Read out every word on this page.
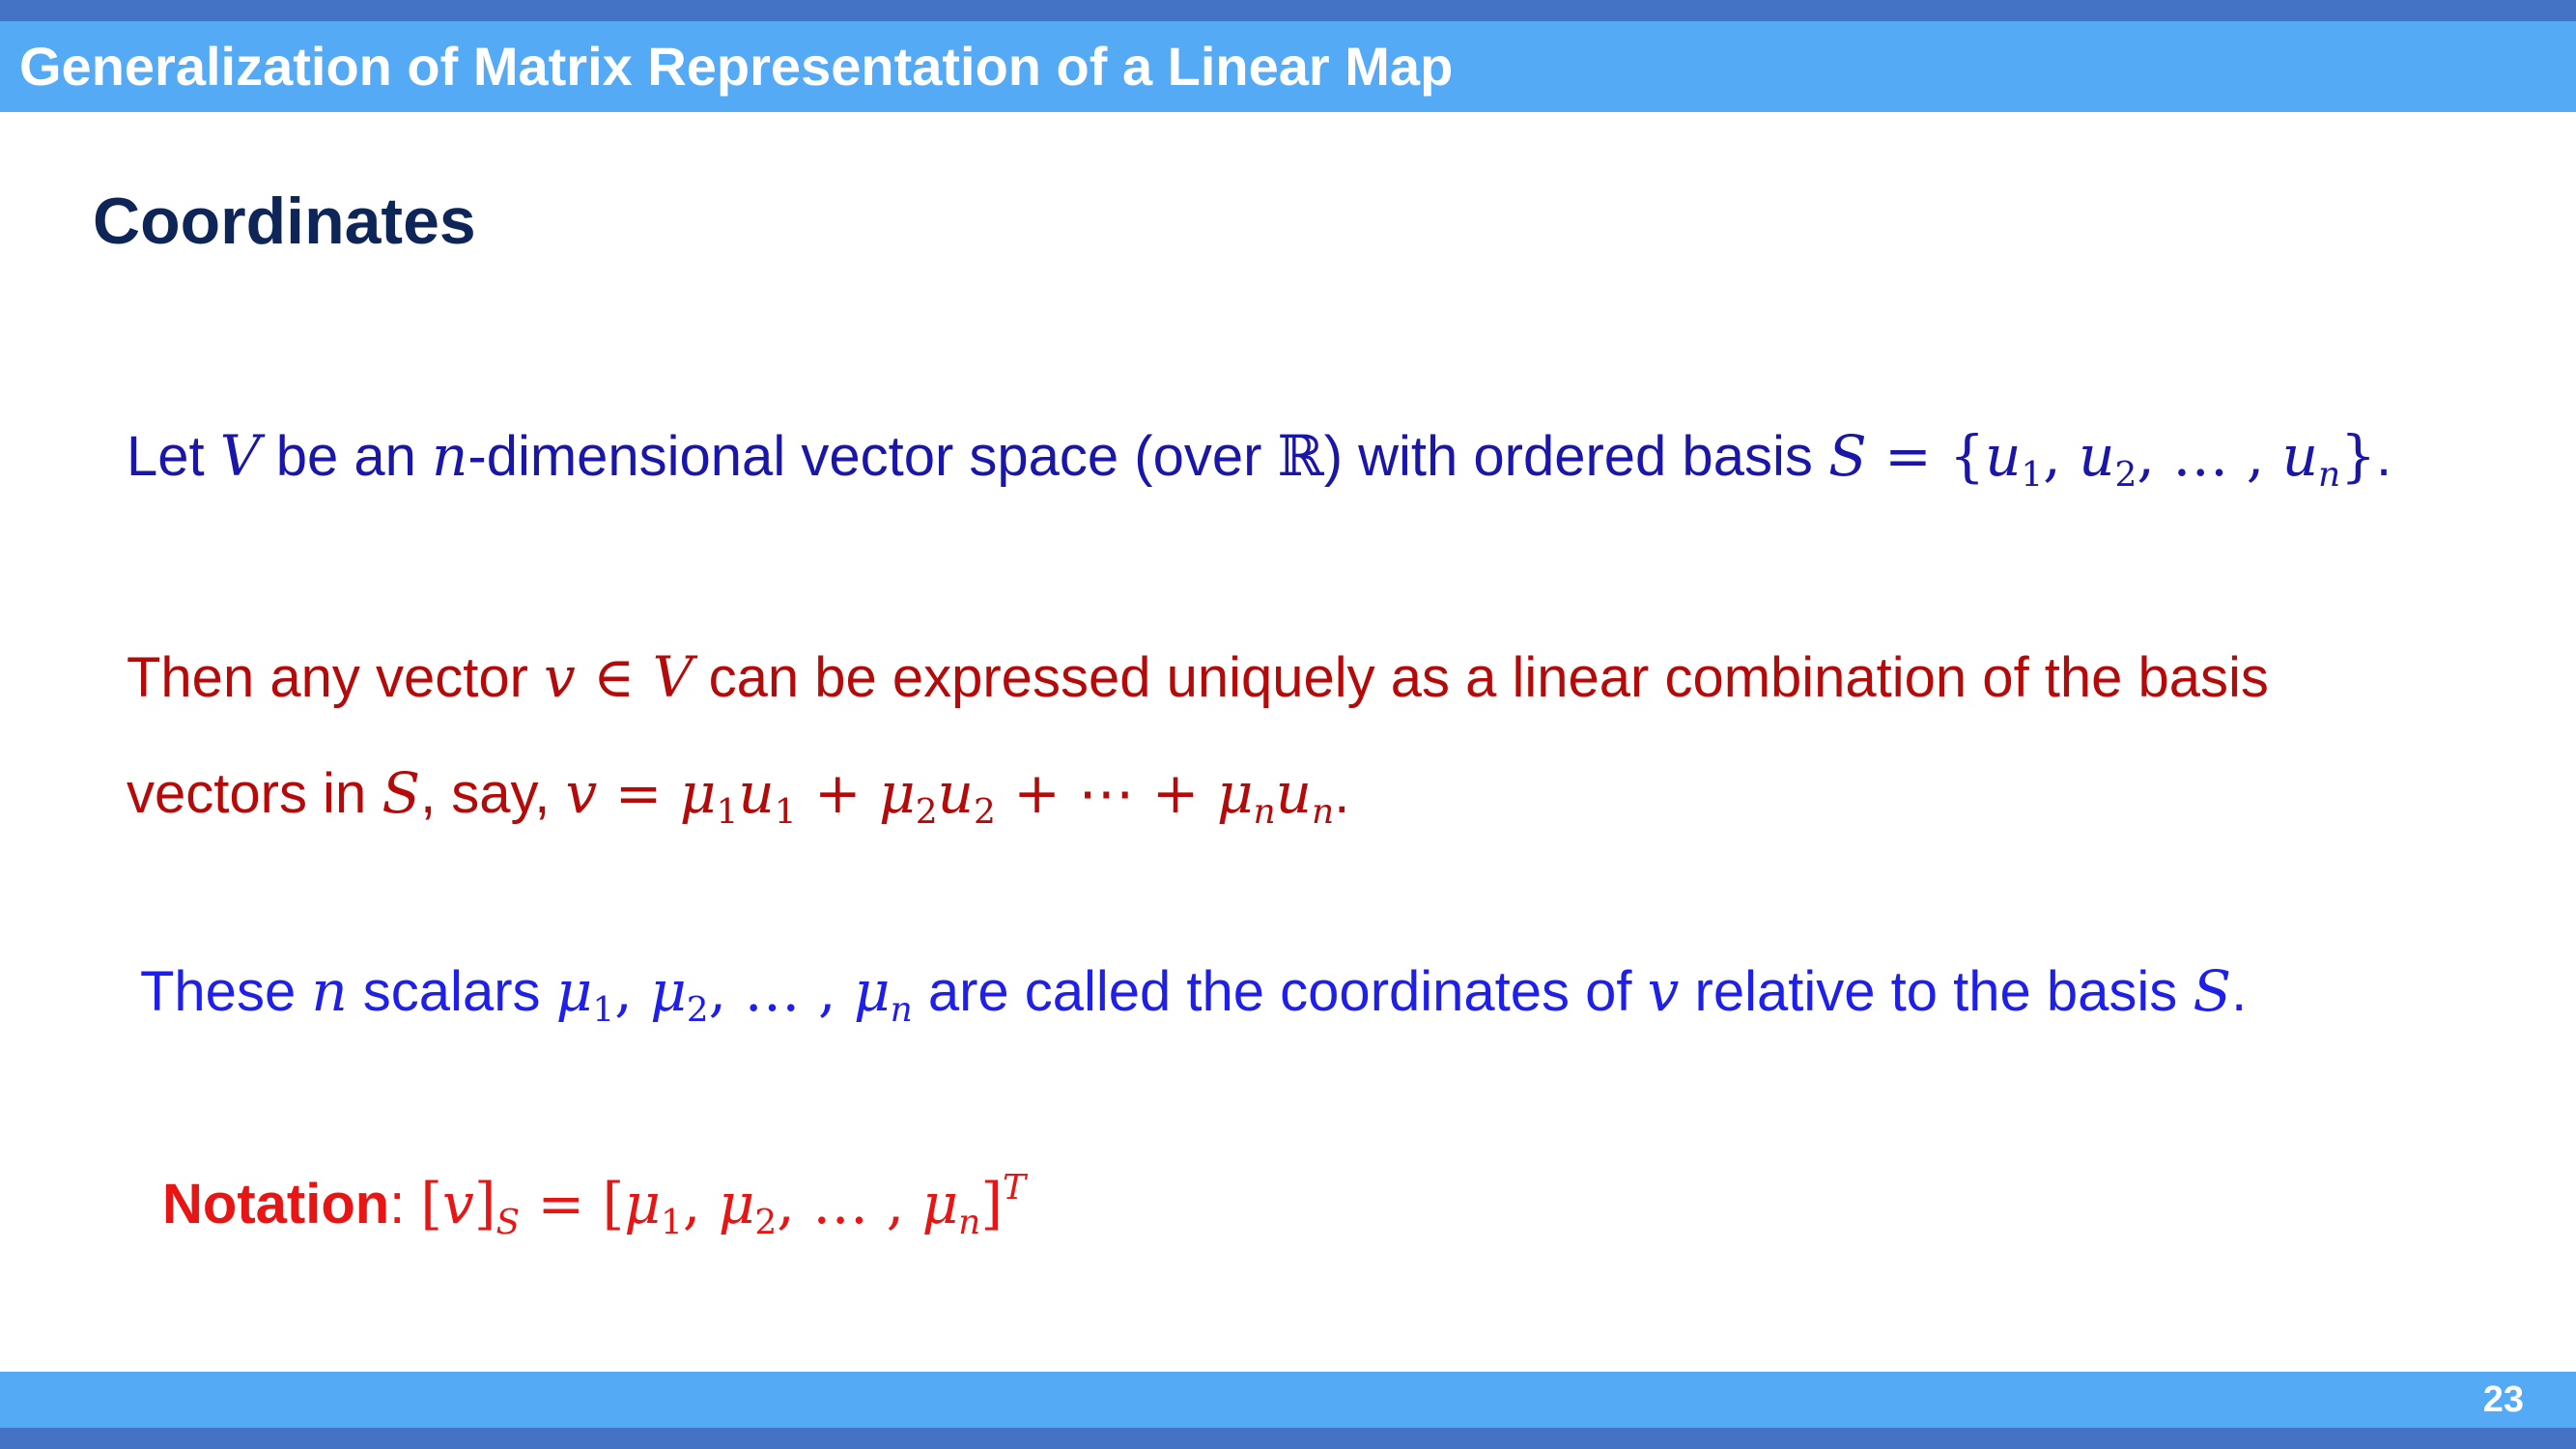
Generalization of Matrix Representation of a Linear Map
Coordinates
Let V be an n-dimensional vector space (over ℝ) with ordered basis $S = \{u_1$, $u_2$, … , $u_n$}.
Then any vector v ∈ V can be expressed uniquely as a linear combination of the basis
vectors in S, say, $v = \mu_1u_1 + \mu_2u_2$ + ⋯ + $\mu_nu_n$.
These n scalars $\mu_1$, $\mu_2$, … , $\mu_n$ are called the coordinates of v relative to the basis S.
Notation: $[v]_S = [\mu_1$, $\mu_2$, … , $\mu_n]^T$
23
